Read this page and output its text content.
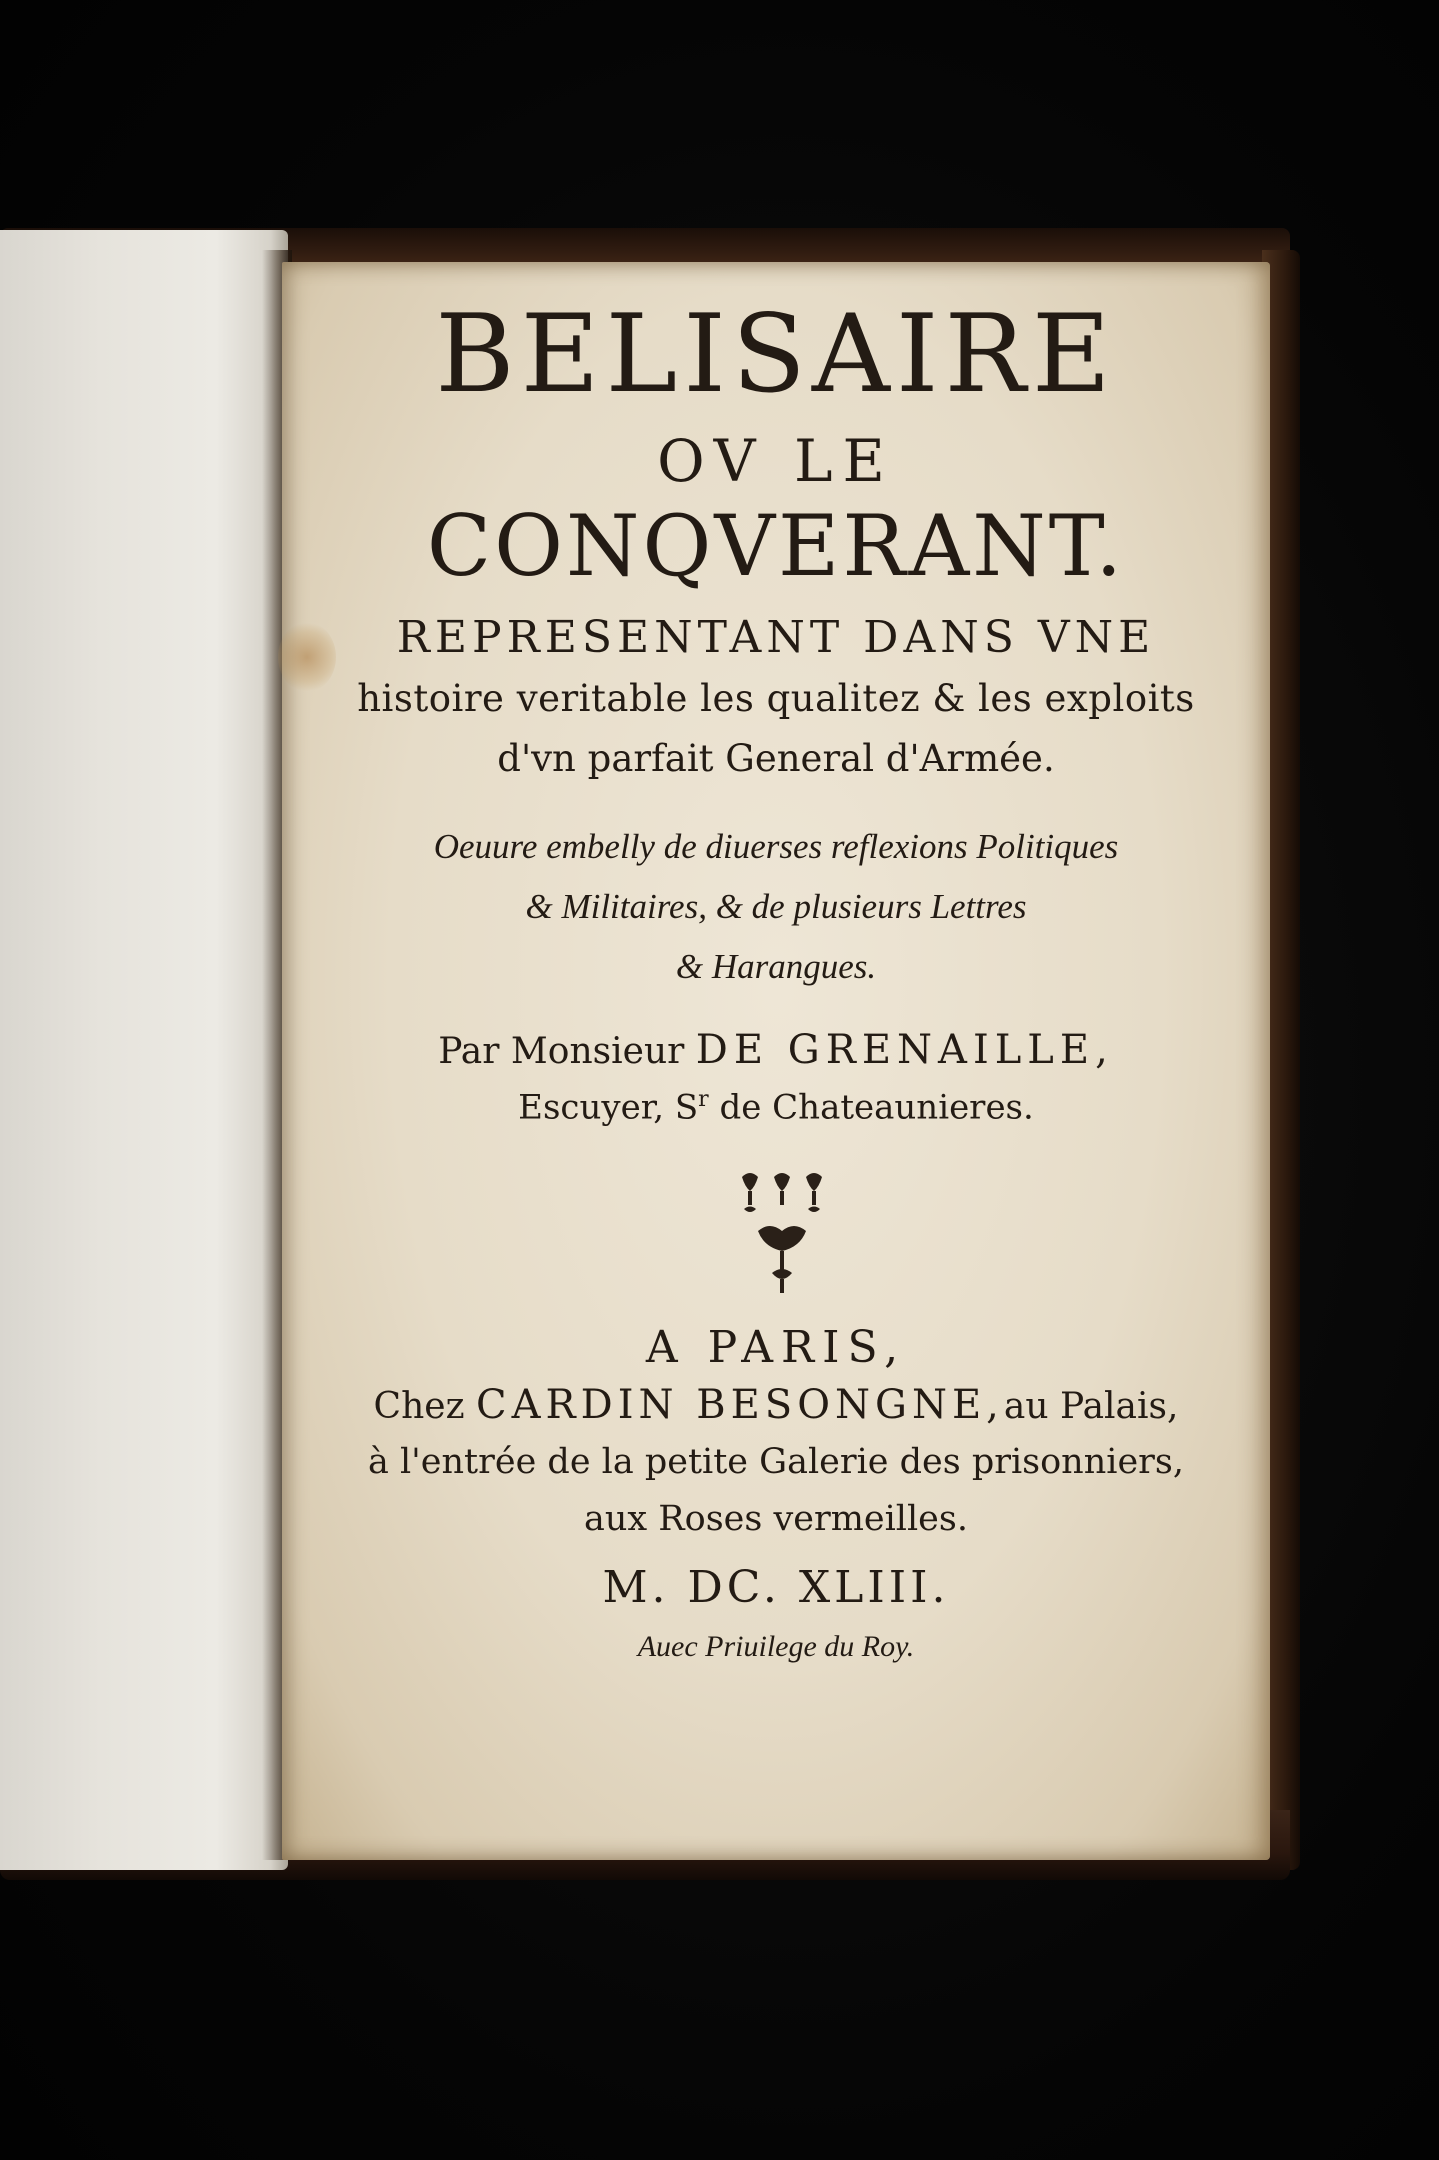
BELISAIRE
OV LE
CONQVERANT.
REPRESENTANT DANS VNE
histoire veritable les qualitez & les exploits
d'vn parfait General d'Armée.
Oeuure embelly de diuerses reflexions Politiques
& Militaires, & de plusieurs Lettres
& Harangues.
Par Monsieur DE GRENAILLE,
Escuyer, $S^r$ de Chateaunieres.
A PARIS,
Chez CARDIN BESONGNE,au Palais,
à l'entrée de la petite Galerie des prisonniers,
aux Roses vermeilles.
M. DC. XLIII.
Auec Priuilege du Roy.
